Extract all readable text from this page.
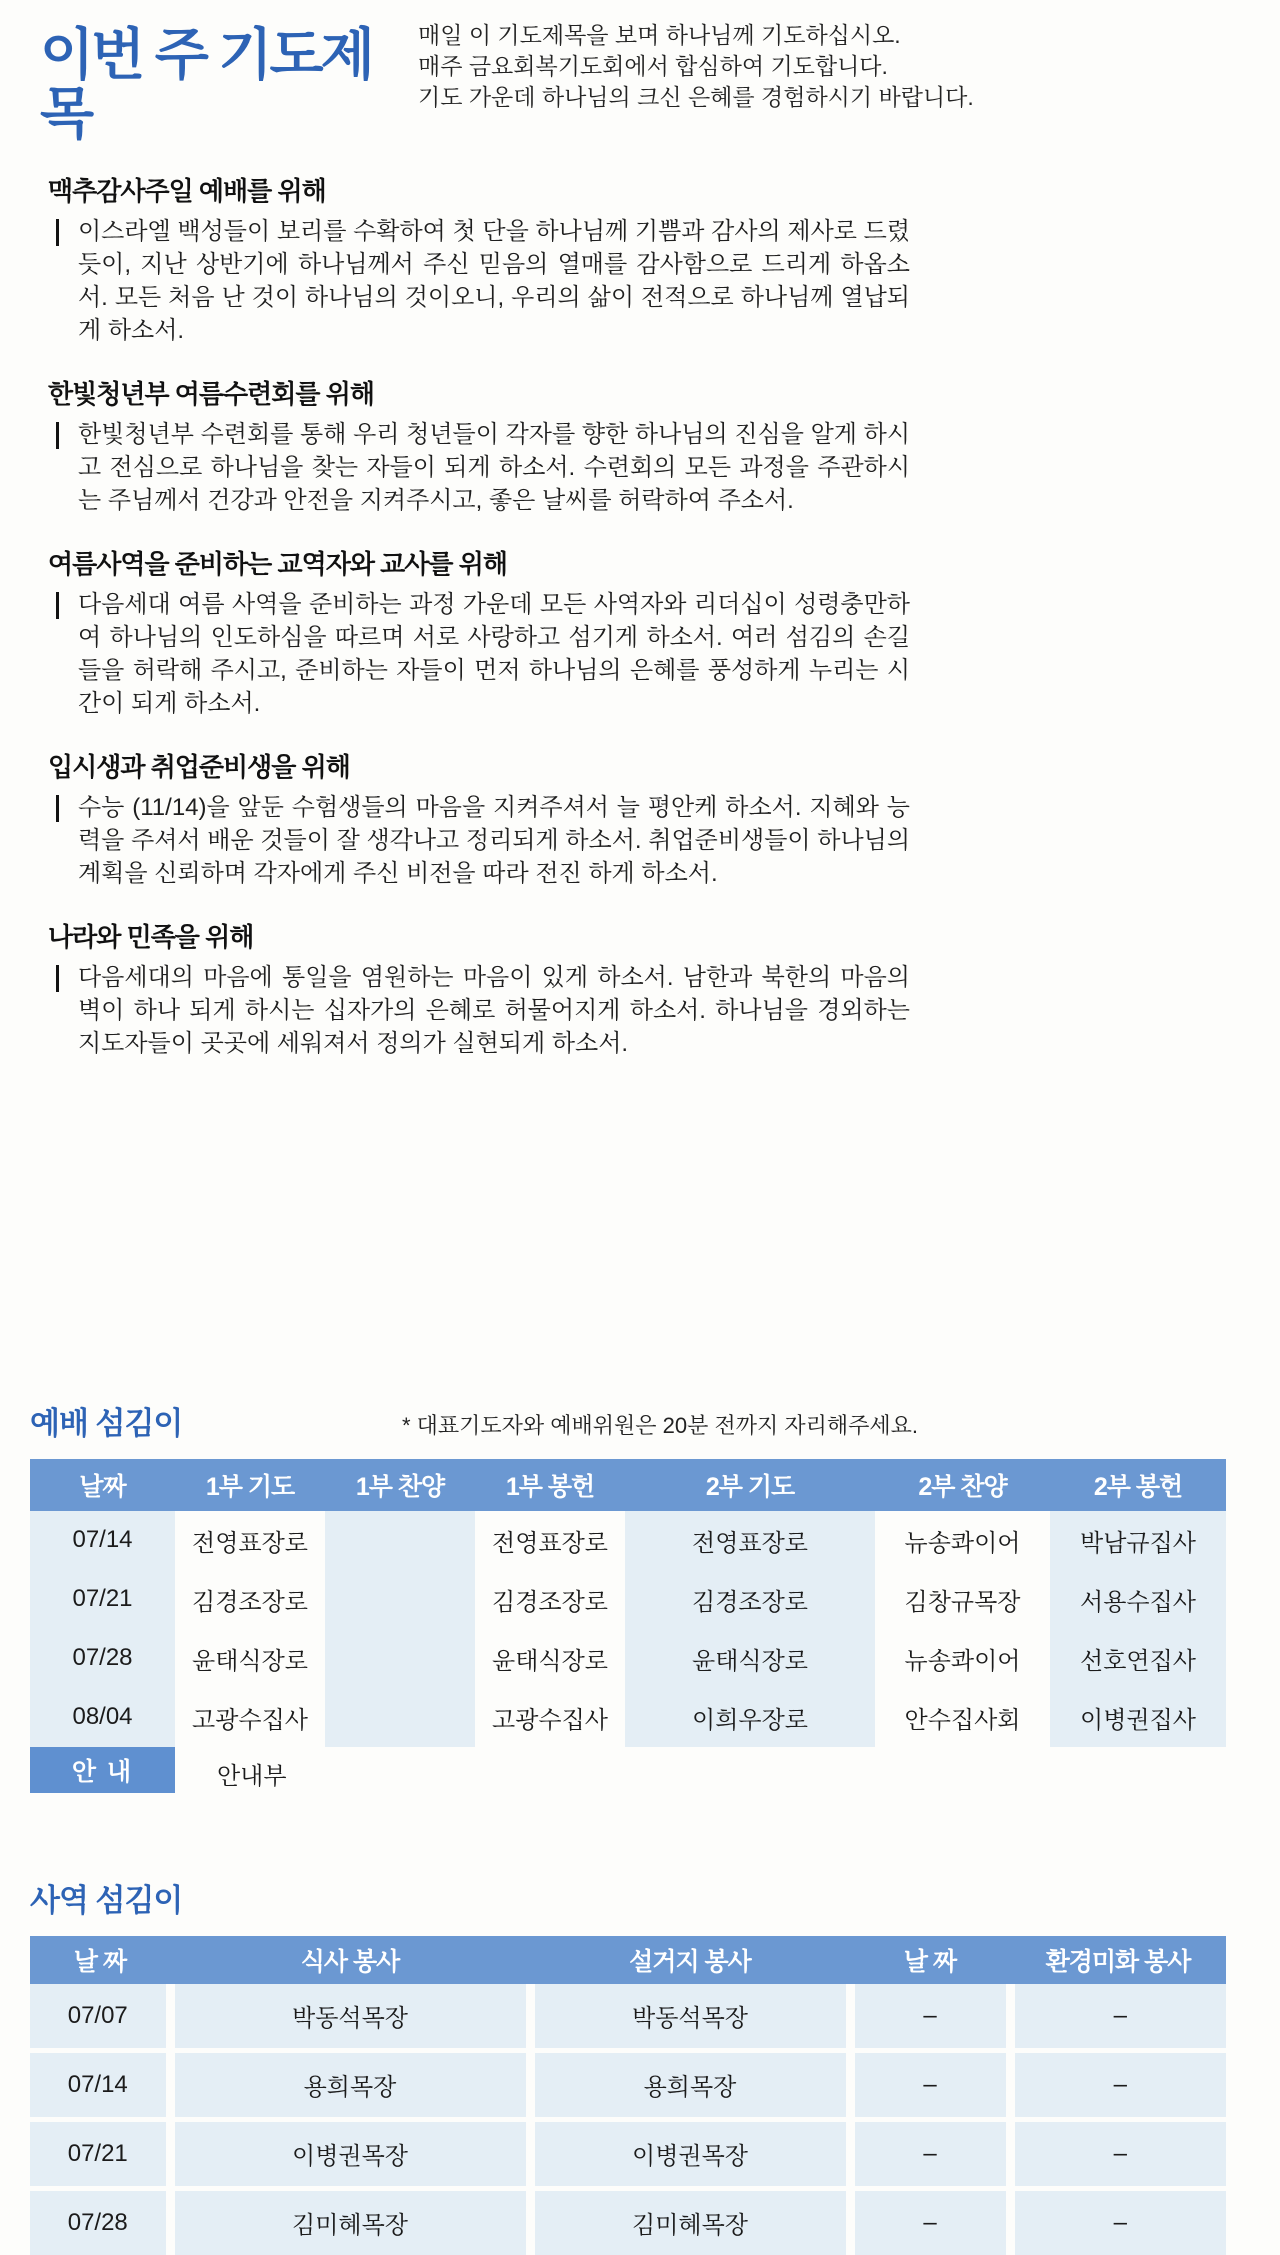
이번 주 기도제목

매일 이 기도제목을 보며 하나님께 기도하십시오.

매주 금요회복기도회에서 합심하여 기도합니다.

기도 가운데 하나님의 크신 은혜를 경험하시기 바랍니다.

맥추감사주일 예배를 위해

이스라엘 백성들이 보리를 수확하여 첫 단을 하나님께 기쁨과 감사의 제사로 드렸듯이, 지난 상반기에 하나님께서 주신 믿음의 열매를 감사함으로 드리게 하옵소서. 모든 처음 난 것이 하나님의 것이오니, 우리의 삶이 전적으로 하나님께 열납되게 하소서.

한빛청년부 여름수련회를 위해

한빛청년부 수련회를 통해 우리 청년들이 각자를 향한 하나님의 진심을 알게 하시고 전심으로 하나님을 찾는 자들이 되게 하소서. 수련회의 모든 과정을 주관하시는 주님께서 건강과 안전을 지켜주시고, 좋은 날씨를 허락하여 주소서.

여름사역을 준비하는 교역자와 교사를 위해

다음세대 여름 사역을 준비하는 과정 가운데 모든 사역자와 리더십이 성령충만하여 하나님의 인도하심을 따르며 서로 사랑하고 섬기게 하소서. 여러 섬김의 손길들을 허락해 주시고, 준비하는 자들이 먼저 하나님의 은혜를 풍성하게 누리는 시간이 되게 하소서.

입시생과 취업준비생을 위해

수능 (11/14)을 앞둔 수험생들의 마음을 지켜주셔서 늘 평안케 하소서. 지혜와 능력을 주셔서 배운 것들이 잘 생각나고 정리되게 하소서. 취업준비생들이 하나님의 계획을 신뢰하며 각자에게 주신 비전을 따라 전진 하게 하소서.

나라와 민족을 위해

다음세대의 마음에 통일을 염원하는 마음이 있게 하소서. 남한과 북한의 마음의 벽이 하나 되게 하시는 십자가의 은혜로 허물어지게 하소서. 하나님을 경외하는 지도자들이 곳곳에 세워져서 정의가 실현되게 하소서.

예배 섬김이	* 대표기도자와 예배위원은 20분 전까지 자리해주세요.
날짜	1부 기도	1부 찬양	1부 봉헌	2부 기도	2부 찬양	2부 봉헌
07/14	전영표장로		전영표장로	전영표장로	뉴송콰이어	박남규집사
07/21	김경조장로		김경조장로	김경조장로	김창규목장	서용수집사
07/28	윤태식장로		윤태식장로	윤태식장로	뉴송콰이어	선호연집사
08/04	고광수집사		고광수집사	이희우장로	안수집사회	이병권집사
안 내	안내부
사역 섬김이
날 짜	식사 봉사	설거지 봉사	날 짜	환경미화 봉사
07/07	박동석목장	박동석목장	–	–
07/14	용희목장	용희목장	–	–
07/21	이병권목장	이병권목장	–	–
07/28	김미혜목장	김미혜목장	–	–
